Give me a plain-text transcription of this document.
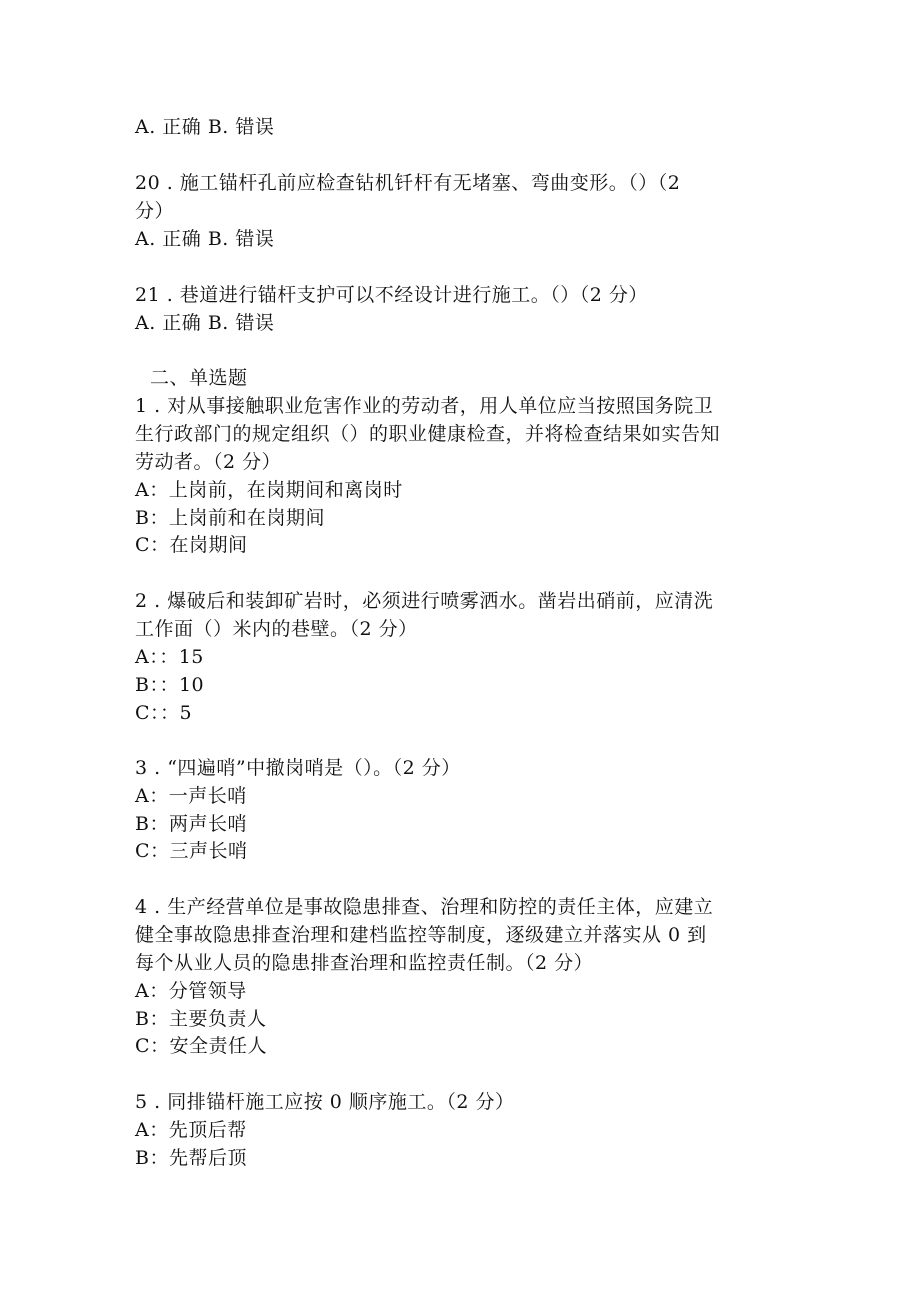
A. 正确 B. 错误
20 . 施工锚杆孔前应检查钻机钎杆有无堵塞、弯曲变形。（）（2
分）
A. 正确 B. 错误
21 . 巷道进行锚杆支护可以不经设计进行施工。（）（2 分）
A. 正确 B. 错误
二、单选题
1 . 对从事接触职业危害作业的劳动者，用人单位应当按照国务院卫
生行政部门的规定组织（）的职业健康检查，并将检查结果如实告知
劳动者。（2 分）
A：上岗前，在岗期间和离岗时
B：上岗前和在岗期间
C：在岗期间
2 . 爆破后和装卸矿岩时，必须进行喷雾洒水。凿岩出硝前，应清洗
工作面（）米内的巷壁。（2 分）
A：：15
B：：10
C：：5
3 . “四遍哨”中撤岗哨是（）。（2 分）
A：一声长哨
B：两声长哨
C：三声长哨
4 . 生产经营单位是事故隐患排查、治理和防控的责任主体，应建立
健全事故隐患排查治理和建档监控等制度，逐级建立并落实从 0 到
每个从业人员的隐患排查治理和监控责任制。（2 分）
A：分管领导
B：主要负责人
C：安全责任人
5 . 同排锚杆施工应按 0 顺序施工。（2 分）
A：先顶后帮
B：先帮后顶
